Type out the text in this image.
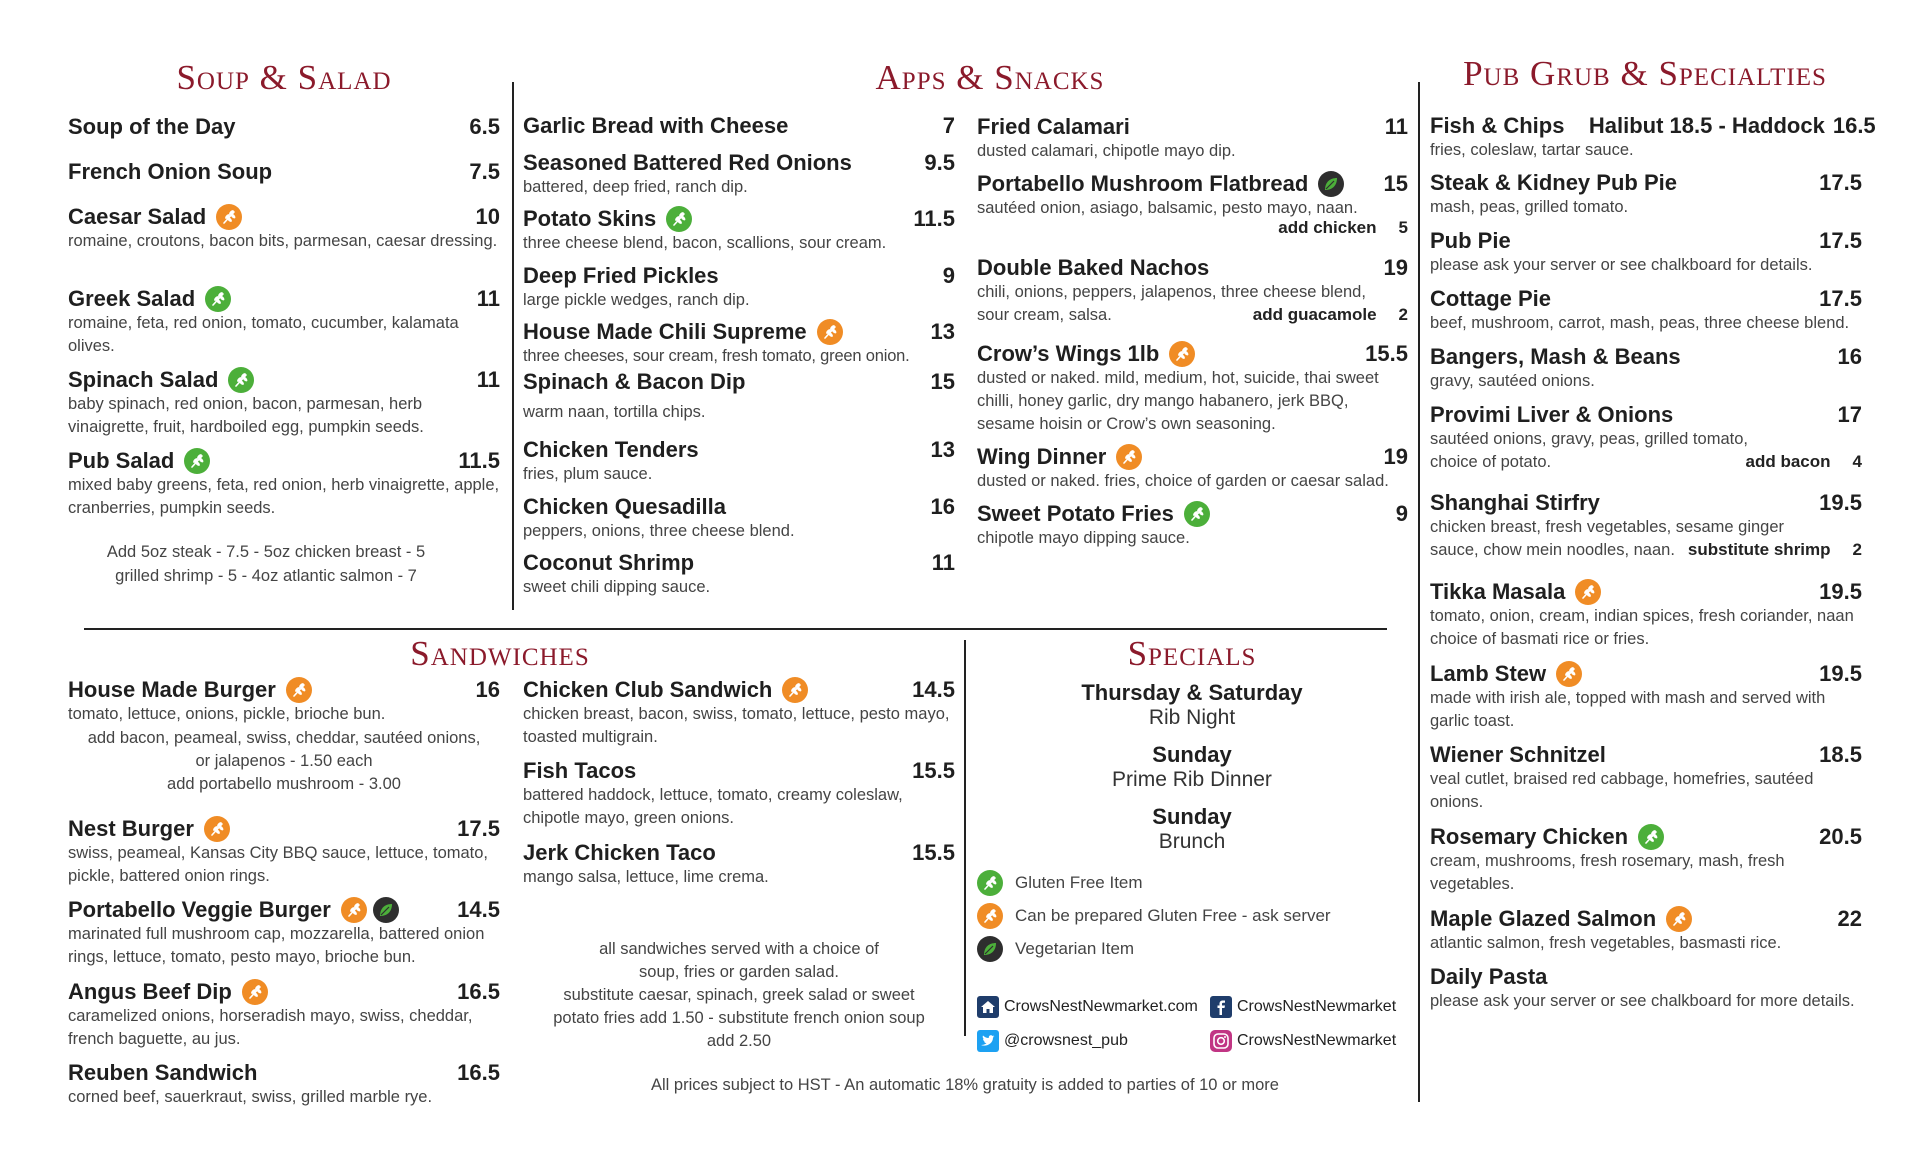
Soup & Salad
Soup of the Day	6.5
French Onion Soup	7.5
Caesar Salad	10
romaine, croutons, bacon bits, parmesan, caesar dressing.
Greek Salad	11
romaine, feta, red onion, tomato, cucumber, kalamata olives.
Spinach Salad	11
baby spinach, red onion, bacon, parmesan, herb vinaigrette, fruit, hardboiled egg, pumpkin seeds.
Pub Salad	11.5
mixed baby greens, feta, red onion, herb vinaigrette, apple, cranberries, pumpkin seeds.
Add 5oz steak - 7.5 - 5oz chicken breast - 5
grilled shrimp - 5 - 4oz atlantic salmon - 7
Apps & Snacks
Garlic Bread with Cheese	7
Seasoned Battered Red Onions	9.5
battered, deep fried, ranch dip.
Potato Skins	11.5
three cheese blend, bacon, scallions, sour cream.
Deep Fried Pickles	9
large pickle wedges, ranch dip.
House Made Chili Supreme	13
three cheeses, sour cream, fresh tomato, green onion.
Spinach & Bacon Dip	15
warm naan, tortilla chips.
Chicken Tenders	13
fries, plum sauce.
Chicken Quesadilla	16
peppers, onions, three cheese blend.
Coconut Shrimp	11
sweet chili dipping sauce.
Fried Calamari	11
dusted calamari, chipotle mayo dip.
Portabello Mushroom Flatbread	15
sautéed onion, asiago, balsamic, pesto mayo, naan.
add chicken 5
Double Baked Nachos	19
chili, onions, peppers, jalapenos, three cheese blend, sour cream, salsa.	add guacamole 2
Crow’s Wings 1lb	15.5
dusted or naked. mild, medium, hot, suicide, thai sweet chilli, honey garlic, dry mango habanero, jerk BBQ, sesame hoisin or Crow’s own seasoning.
Wing Dinner	19
dusted or naked. fries, choice of garden or caesar salad.
Sweet Potato Fries	9
chipotle mayo dipping sauce.
Pub Grub & Specialties
Fish & Chips    Halibut 18.5 - Haddock 16.5
fries, coleslaw, tartar sauce.
Steak & Kidney Pub Pie	17.5
mash, peas, grilled tomato.
Pub Pie	17.5
please ask your server or see chalkboard for details.
Cottage Pie	17.5
beef, mushroom, carrot, mash, peas, three cheese blend.
Bangers, Mash & Beans	16
gravy, sautéed onions.
Provimi Liver & Onions	17
sautéed onions, gravy, peas, grilled tomato, choice of potato.	add bacon 4
Shanghai Stirfry	19.5
chicken breast, fresh vegetables, sesame ginger sauce, chow mein noodles, naan. substitute shrimp 2
Tikka Masala	19.5
tomato, onion, cream, indian spices, fresh coriander, naan choice of basmati rice or fries.
Lamb Stew	19.5
made with irish ale, topped with mash and served with garlic toast.
Wiener Schnitzel	18.5
veal cutlet, braised red cabbage, homefries, sautéed onions.
Rosemary Chicken	20.5
cream, mushrooms, fresh rosemary, mash, fresh vegetables.
Maple Glazed Salmon	22
atlantic salmon, fresh vegetables, basmasti rice.
Daily Pasta
please ask your server or see chalkboard for more details.
Sandwiches
House Made Burger	16
tomato, lettuce, onions, pickle, brioche bun.
add bacon, peameal, swiss, cheddar, sautéed onions,
or jalapenos - 1.50 each
add portabello mushroom - 3.00
Nest Burger	17.5
swiss, peameal, Kansas City BBQ sauce, lettuce, tomato, pickle, battered onion rings.
Portabello Veggie Burger	14.5
marinated full mushroom cap, mozzarella, battered onion rings, lettuce, tomato, pesto mayo, brioche bun.
Angus Beef Dip	16.5
caramelized onions, horseradish mayo, swiss, cheddar, french baguette, au jus.
Reuben Sandwich	16.5
corned beef, sauerkraut, swiss, grilled marble rye.
Chicken Club Sandwich	14.5
chicken breast, bacon, swiss, tomato, lettuce, pesto mayo, toasted multigrain.
Fish Tacos	15.5
battered haddock, lettuce, tomato, creamy coleslaw, chipotle mayo, green onions.
Jerk Chicken Taco	15.5
mango salsa, lettuce, lime crema.
all sandwiches served with a choice of soup, fries or garden salad.
substitute caesar, spinach, greek salad or sweet potato fries add 1.50 - substitute french onion soup add 2.50
Specials
Thursday & Saturday
Rib Night
Sunday
Prime Rib Dinner
Sunday
Brunch
Gluten Free Item
Can be prepared Gluten Free - ask server
Vegetarian Item
CrowsNestNewmarket.com CrowsNestNewmarket
@crowsnest_pub	CrowsNestNewmarket
All prices subject to HST - An automatic 18% gratuity is added to parties of 10 or more
